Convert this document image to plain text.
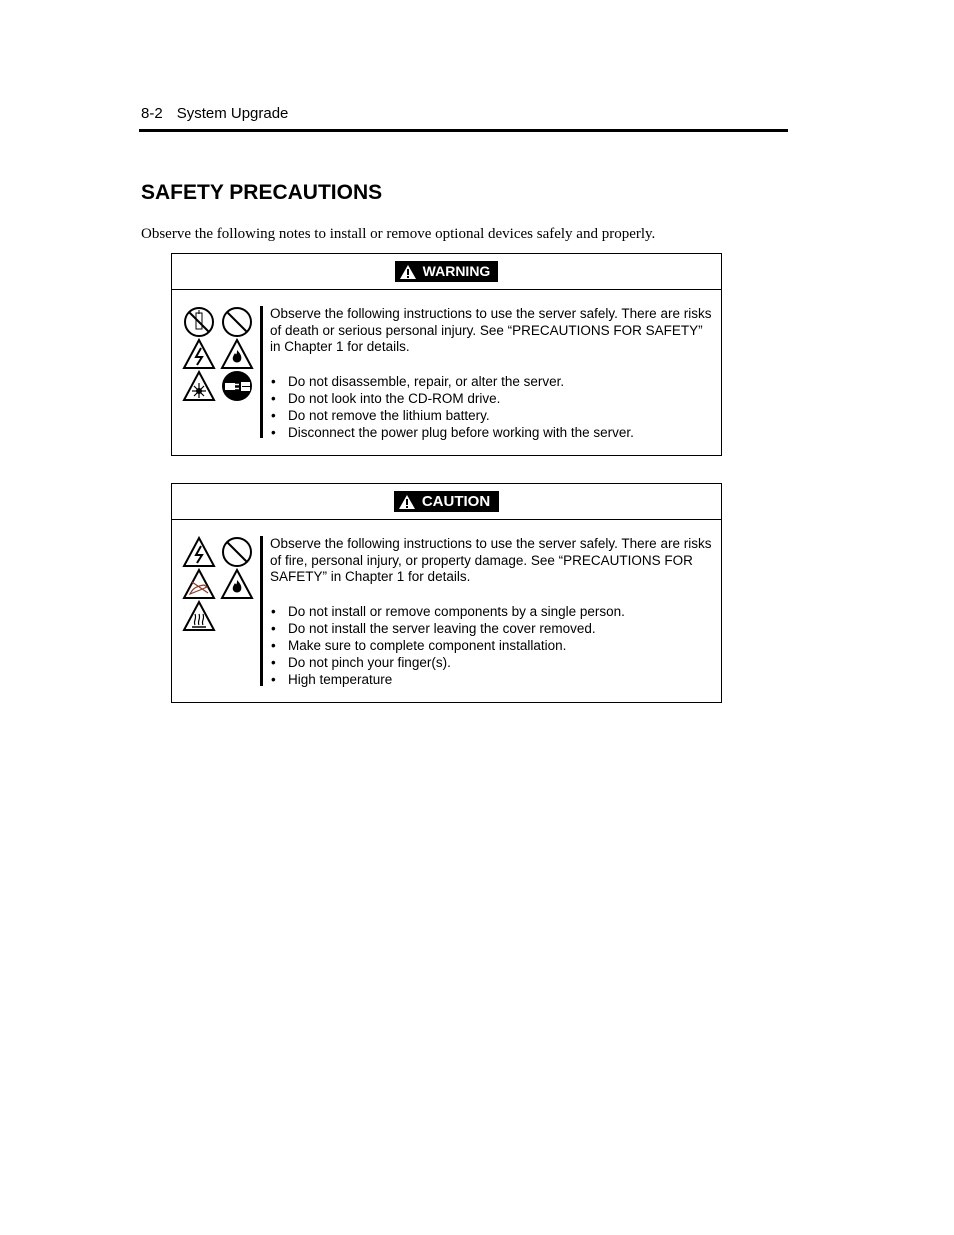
8-2 System Upgrade
SAFETY PRECAUTIONS
Observe the following notes to install or remove optional devices safely and properly.
WARNING

Observe the following instructions to use the server safely. There are risks of death or serious personal injury. See “PRECAUTIONS FOR SAFETY” in Chapter 1 for details.

• Do not disassemble, repair, or alter the server.
• Do not look into the CD-ROM drive.
• Do not remove the lithium battery.
• Disconnect the power plug before working with the server.
CAUTION

Observe the following instructions to use the server safely. There are risks of fire, personal injury, or property damage. See “PRECAUTIONS FOR SAFETY” in Chapter 1 for details.

• Do not install or remove components by a single person.
• Do not install the server leaving the cover removed.
• Make sure to complete component installation.
• Do not pinch your finger(s).
• High temperature
